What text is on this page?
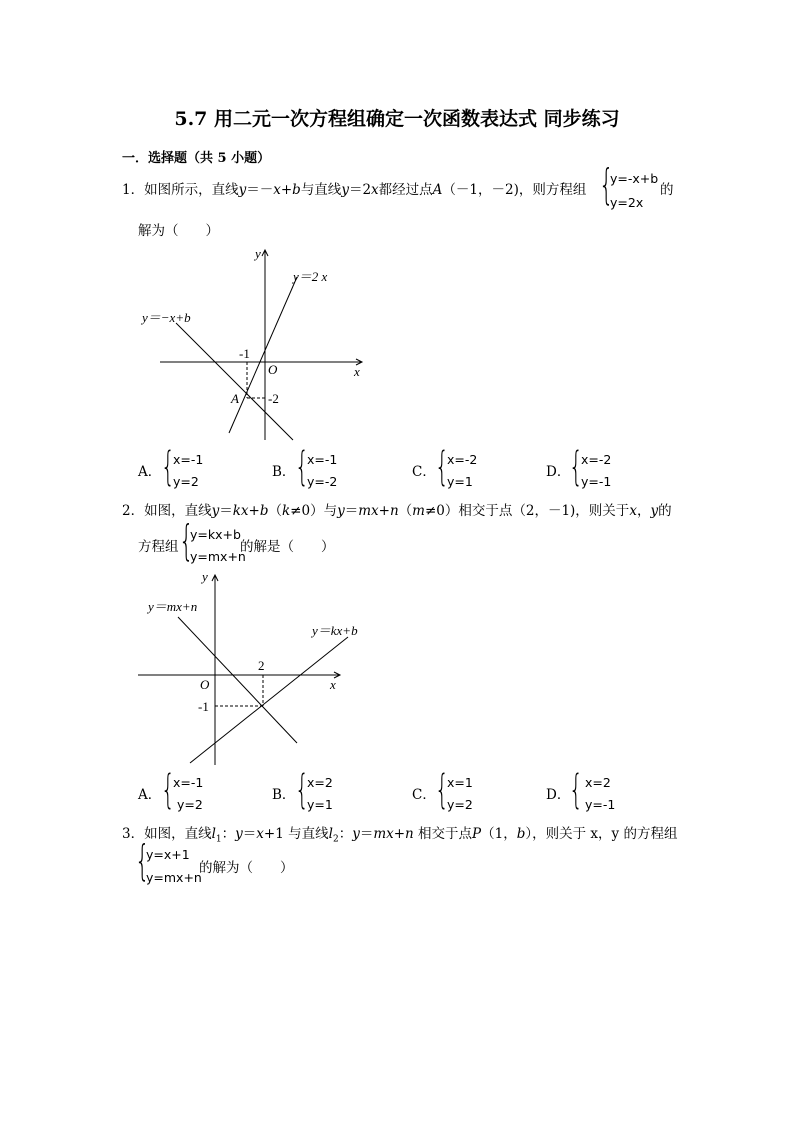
5.7 用二元一次方程组确定一次函数表达式 同步练习
一．选择题（共 5 小题）
1．如图所示，直线y＝－x+b与直线y＝2x都经过点A（－1，－2)，则方程组 {
y=-x+b
y=2x
的
解为（　　）
y
x
O
y＝2 x
y＝−x+b
-1
-2
A
A． {
x=-1
y=2
B． {
x=-1
y=-2
C． {
x=-2
y=1
D．
{
x=-2
y=-1
2．如图，直线y＝kx+b（k≠0）与y＝mx+n（m≠0）相交于点（2，－1)，则关于x，y的
方程组 {
y=kx+b
y=mx+n
的解是（　　）
y
x
O
y＝mx+n
y＝kx+b
2
-1
A． {
x=-1
y=2
B． {
x=2
y=1
C． {
x=1
y=2
D．
{ x=2
y=-1
3．如图，直线$l_1$：y＝x+1 与直线$l_2$：y＝mx+n 相交于点P（1，b），则关于 x，y 的方程组
{
y=x+1
y=mx+n
的解为（　　）
